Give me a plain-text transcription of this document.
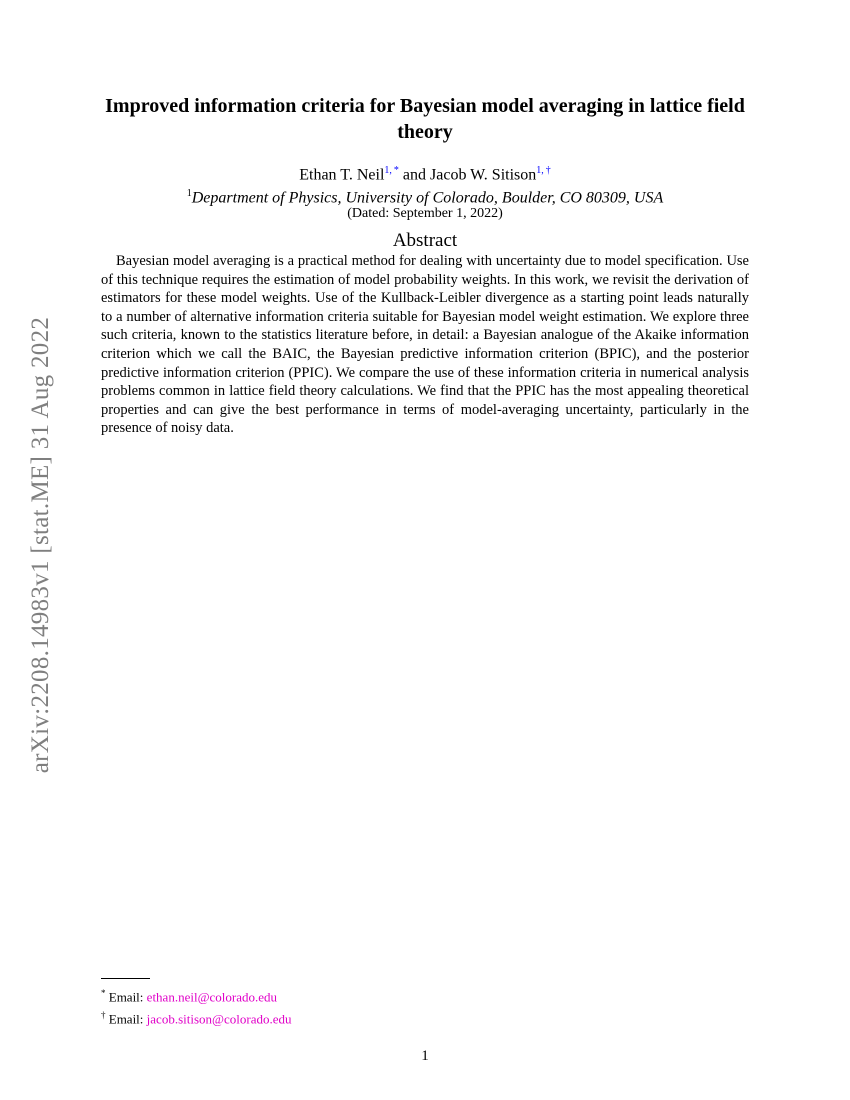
arXiv:2208.14983v1 [stat.ME] 31 Aug 2022
Improved information criteria for Bayesian model averaging in lattice field theory
Ethan T. Neil$^{1, *}$ and Jacob W. Sitison$^{1, \dagger}$
$^1$Department of Physics, University of Colorado, Boulder, CO 80309, USA
(Dated: September 1, 2022)
Abstract
Bayesian model averaging is a practical method for dealing with uncertainty due to model specification. Use of this technique requires the estimation of model probability weights. In this work, we revisit the derivation of estimators for these model weights. Use of the Kullback-Leibler divergence as a starting point leads naturally to a number of alternative information criteria suitable for Bayesian model weight estimation. We explore three such criteria, known to the statistics literature before, in detail: a Bayesian analogue of the Akaike information criterion which we call the BAIC, the Bayesian predictive information criterion (BPIC), and the posterior predictive information criterion (PPIC). We compare the use of these information criteria in numerical analysis problems common in lattice field theory calculations. We find that the PPIC has the most appealing theoretical properties and can give the best performance in terms of model-averaging uncertainty, particularly in the presence of noisy data.
* Email: ethan.neil@colorado.edu
† Email: jacob.sitison@colorado.edu
1
